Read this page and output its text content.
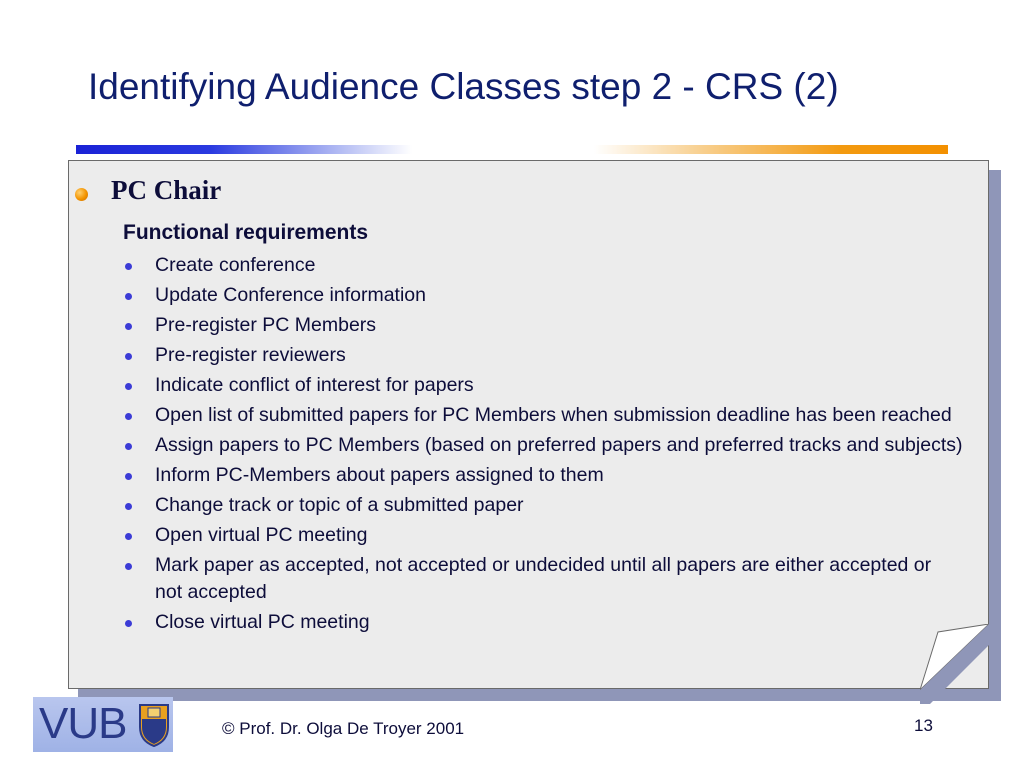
Identifying Audience Classes step 2 - CRS (2)
PC Chair
Functional requirements
Create conference
Update Conference information
Pre-register PC Members
Pre-register reviewers
Indicate conflict of interest for papers
Open list of submitted papers for PC Members when submission deadline has been reached
Assign papers to PC Members (based on preferred papers and preferred tracks and subjects)
Inform PC-Members about papers assigned to them
Change track or topic of a submitted paper
Open virtual PC meeting
Mark paper as accepted, not accepted or undecided until all papers are either accepted or not accepted
Close virtual PC meeting
VUB	© Prof. Dr. Olga De Troyer 2001	13
